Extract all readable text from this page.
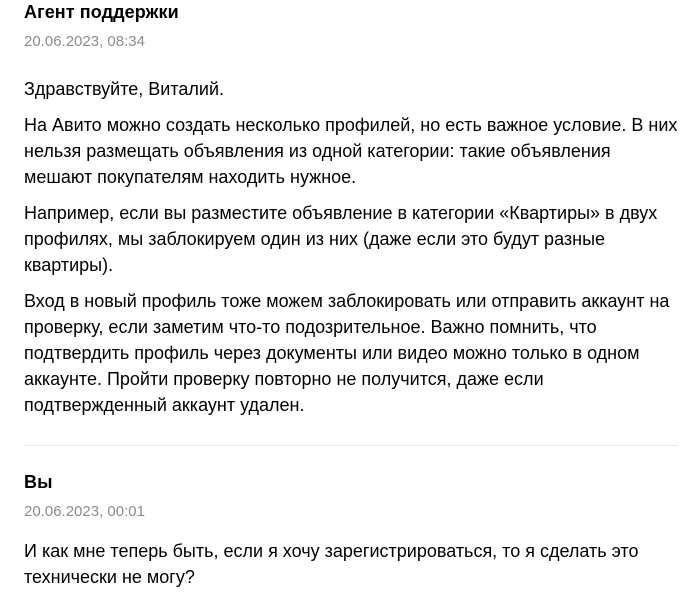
Агент поддержки
20.06.2023, 08:34

Здравствуйте, Виталий.

На Авито можно создать несколько профилей, но есть важное условие. В них нельзя размещать объявления из одной категории: такие объявления мешают покупателям находить нужное.

Например, если вы разместите объявление в категории «Квартиры» в двух профилях, мы заблокируем один из них (даже если это будут разные квартиры).

Вход в новый профиль тоже можем заблокировать или отправить аккаунт на проверку, если заметим что-то подозрительное. Важно помнить, что подтвердить профиль через документы или видео можно только в одном аккаунте. Пройти проверку повторно не получится, даже если подтвержденный аккаунт удален.

Вы
20.06.2023, 00:01

И как мне теперь быть, если я хочу зарегистрироваться, то я сделать это технически не могу?
